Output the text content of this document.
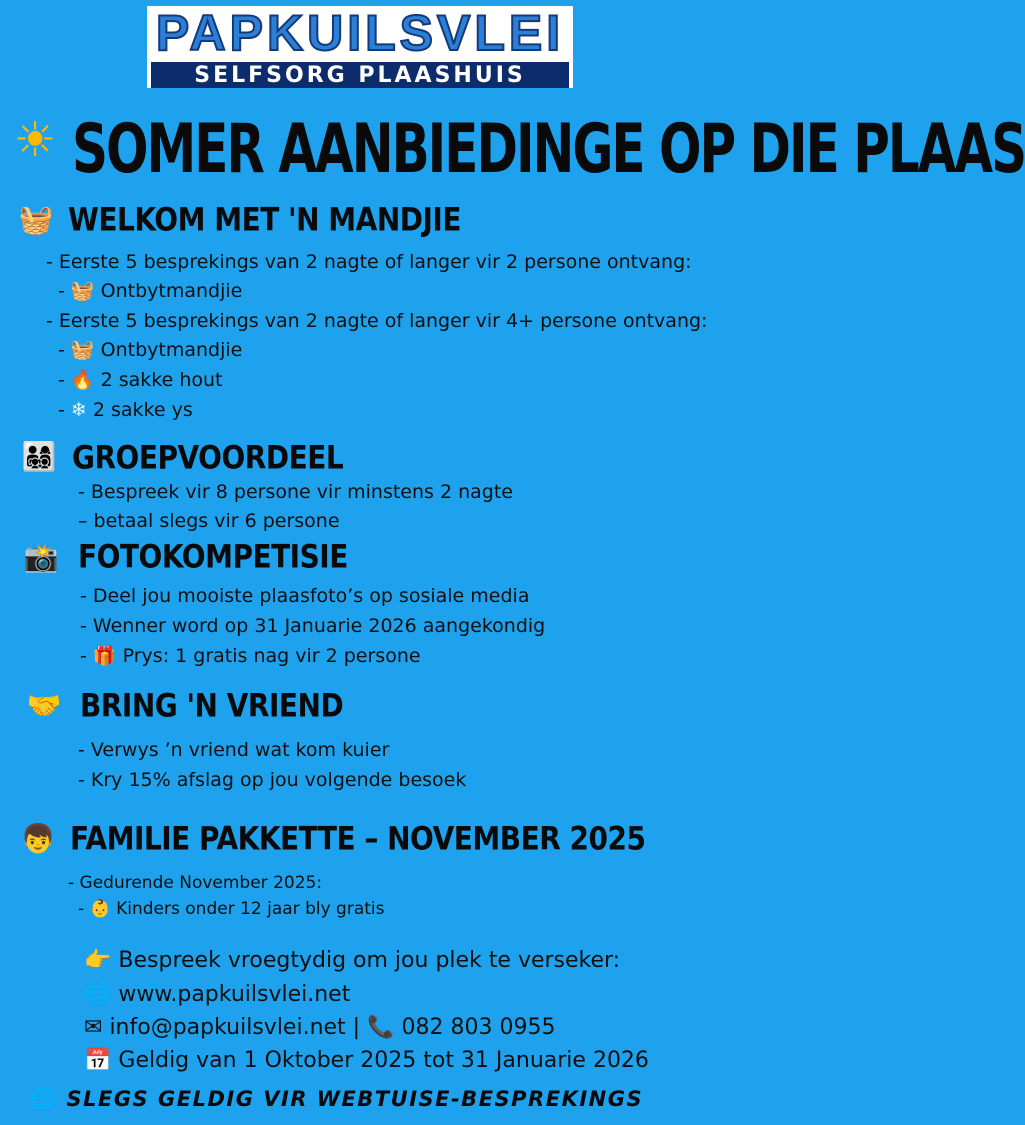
PAPKUILSVLEI
SELFSORG PLAASHUIS
☀ SOMER AANBIEDINGE OP DIE PLAAS
🧺 WELKOM MET 'N MANDJIE
- Eerste 5 besprekings van 2 nagte of langer vir 2 persone ontvang:
- 🧺 Ontbytmandjie
- Eerste 5 besprekings van 2 nagte of langer vir 4+ persone ontvang:
- 🧺 Ontbytmandjie
- 🔥 2 sakke hout
- ❄ 2 sakke ys
👨‍👩‍👧‍👦 GROEPVOORDEEL
- Bespreek vir 8 persone vir minstens 2 nagte
– betaal slegs vir 6 persone
📸 FOTOKOMPETISIE
- Deel jou mooiste plaasfoto’s op sosiale media
- Wenner word op 31 Januarie 2026 aangekondig
- 🎁 Prys: 1 gratis nag vir 2 persone
🤝 BRING 'N VRIEND
- Verwys ’n vriend wat kom kuier
- Kry 15% afslag op jou volgende besoek
👦 FAMILIE PAKKETTE – NOVEMBER 2025
- Gedurende November 2025:
- 👶 Kinders onder 12 jaar bly gratis
👉 Bespreek vroegtydig om jou plek te verseker:
🌐 www.papkuilsvlei.net
✉ info@papkuilsvlei.net | 📞 082 803 0955
📅 Geldig van 1 Oktober 2025 tot 31 Januarie 2026
🌐 SLEGS GELDIG VIR WEBTUISE-BESPREKINGS
